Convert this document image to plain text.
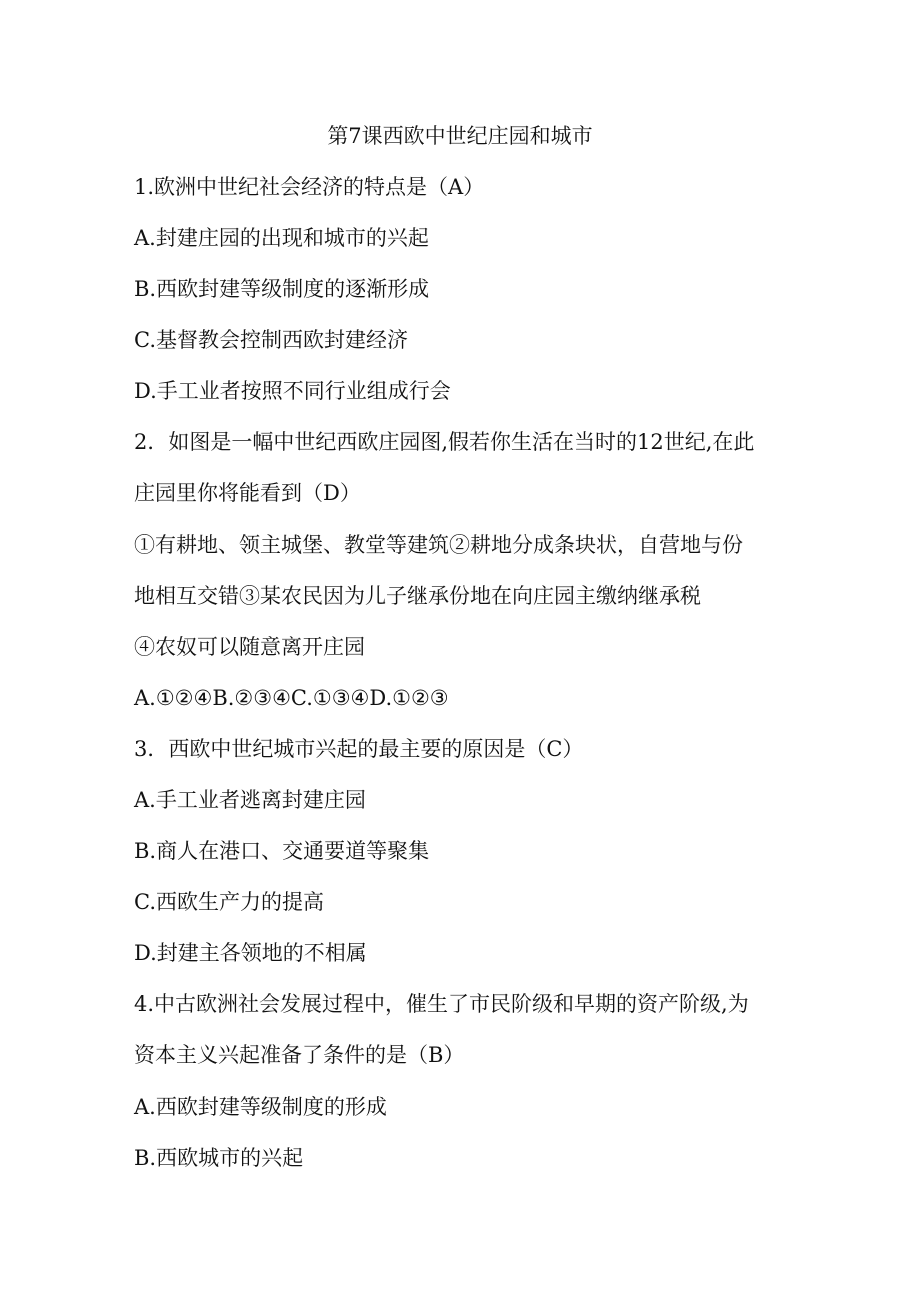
第7课西欧中世纪庄园和城市
1.欧洲中世纪社会经济的特点是（A）
A.封建庄园的出现和城市的兴起
B.西欧封建等级制度的逐渐形成
C.基督教会控制西欧封建经济
D.手工业者按照不同行业组成行会
2．如图是一幅中世纪西欧庄园图,假若你生活在当时的12世纪,在此
庄园里你将能看到（D）
①有耕地、领主城堡、教堂等建筑②耕地分成条块状，自营地与份
地相互交错③某农民因为儿子继承份地在向庄园主缴纳继承税
④农奴可以随意离开庄园
A.①②④B.②③④C.①③④D.①②③
3．西欧中世纪城市兴起的最主要的原因是（C）
A.手工业者逃离封建庄园
B.商人在港口、交通要道等聚集
C.西欧生产力的提高
D.封建主各领地的不相属
4.中古欧洲社会发展过程中，催生了市民阶级和早期的资产阶级,为
资本主义兴起准备了条件的是（B）
A.西欧封建等级制度的形成
B.西欧城市的兴起
